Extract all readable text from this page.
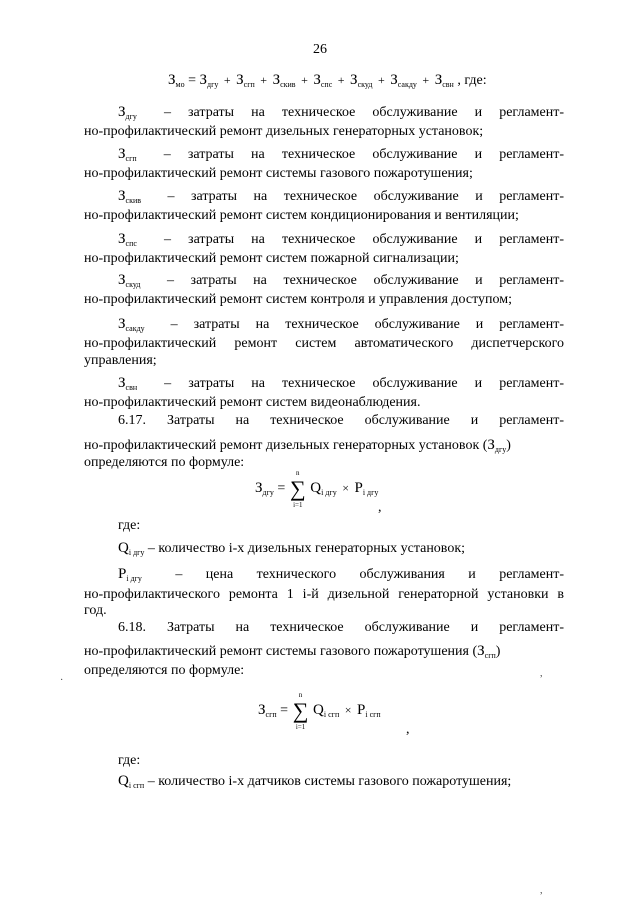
26
$З_{мо} = З_{дгу} + З_{сгп} + З_{скив} + З_{спс} + З_{скуд} + З_{сакду} + З_{свн}$ , где:
$З_{дгу}$ – затраты на техническое обслуживание и регламент-
но-профилактический ремонт дизельных генераторных установок;
$З_{сгп}$ – затраты на техническое обслуживание и регламент-
но-профилактический ремонт системы газового пожаротушения;
$З_{скив}$ – затраты на техническое обслуживание и регламент-
но-профилактический ремонт систем кондиционирования и вентиляции;
$З_{спс}$ – затраты на техническое обслуживание и регламент-
но-профилактический ремонт систем пожарной сигнализации;
$З_{скуд}$ – затраты на техническое обслуживание и регламент-
но-профилактический ремонт систем контроля и управления доступом;
$З_{сакду}$ – затраты на техническое обслуживание и регламент-
но-профилактический ремонт систем автоматического диспетчерского
управления;
$З_{свн}$ – затраты на техническое обслуживание и регламент-
но-профилактический ремонт систем видеонаблюдения.
6.17. Затраты на техническое обслуживание и регламент-
но-профилактический ремонт дизельных генераторных установок $(З_{дгу})$
определяются по формуле:
$З_{дгу}$ =
n
∑
i=1
$Q_{i дгу} \times P_{i дгу}$
,
где:
$Q_{i дгу}$ – количество i-х дизельных генераторных установок;
$P_{i дгу}$ – цена технического обслуживания и регламент-
но-профилактического ремонта 1 i-й дизельной генераторной установки в
год.
6.18. Затраты на техническое обслуживание и регламент-
но-профилактический ремонт системы газового пожаротушения $(З_{сгп})$
определяются по формуле:
$З_{сгп}$ =
n
∑
i=1
$Q_{i сгп} \times P_{i сгп}$
,
где:
$Q_{i сгп}$ – количество i-х датчиков системы газового пожаротушения;
·
,
,
